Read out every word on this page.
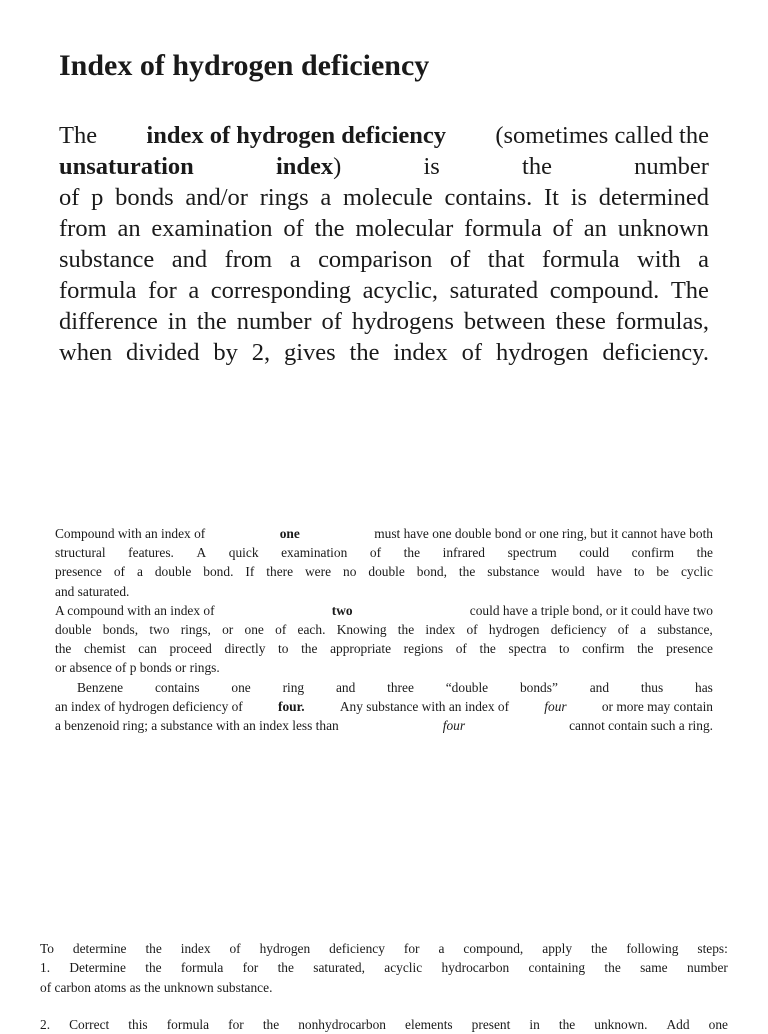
Index of hydrogen deficiency
The index of hydrogen deficiency (sometimes called the
unsaturation	index)	is	the	number
of p bonds and/or rings a molecule contains. It is determined
from an examination of the molecular formula of an unknown
substance and from a comparison of that formula with a
formula for a corresponding acyclic, saturated compound. The
difference in the number of hydrogens between these formulas,
when divided by 2, gives the index of hydrogen deficiency.
Compound with an index of	one	must have one double bond or one ring, but it cannot have both
structural features. A quick examination of the infrared spectrum could confirm the
presence of a double bond. If there were no double bond, the substance would have to be cyclic
and saturated.
A compound with an index of	two	could have a triple bond, or it could have two
double bonds, two rings, or one of each. Knowing the index of hydrogen deficiency of a substance,
the chemist can proceed directly to the appropriate regions of the spectra to confirm the presence
or absence of p bonds or rings.
Benzene contains one ring and three “double bonds” and thus has
an index of hydrogen deficiency of	four.	Any substance with an index of	four	or more may contain
a benzenoid ring; a substance with an index less than	four	cannot contain such a ring.
To determine the index of hydrogen deficiency for a compound, apply the following steps:
1. Determine the formula for the saturated, acyclic hydrocarbon containing the same number
of carbon atoms as the unknown substance.
2. Correct this formula for the nonhydrocarbon elements present in the unknown. Add one
